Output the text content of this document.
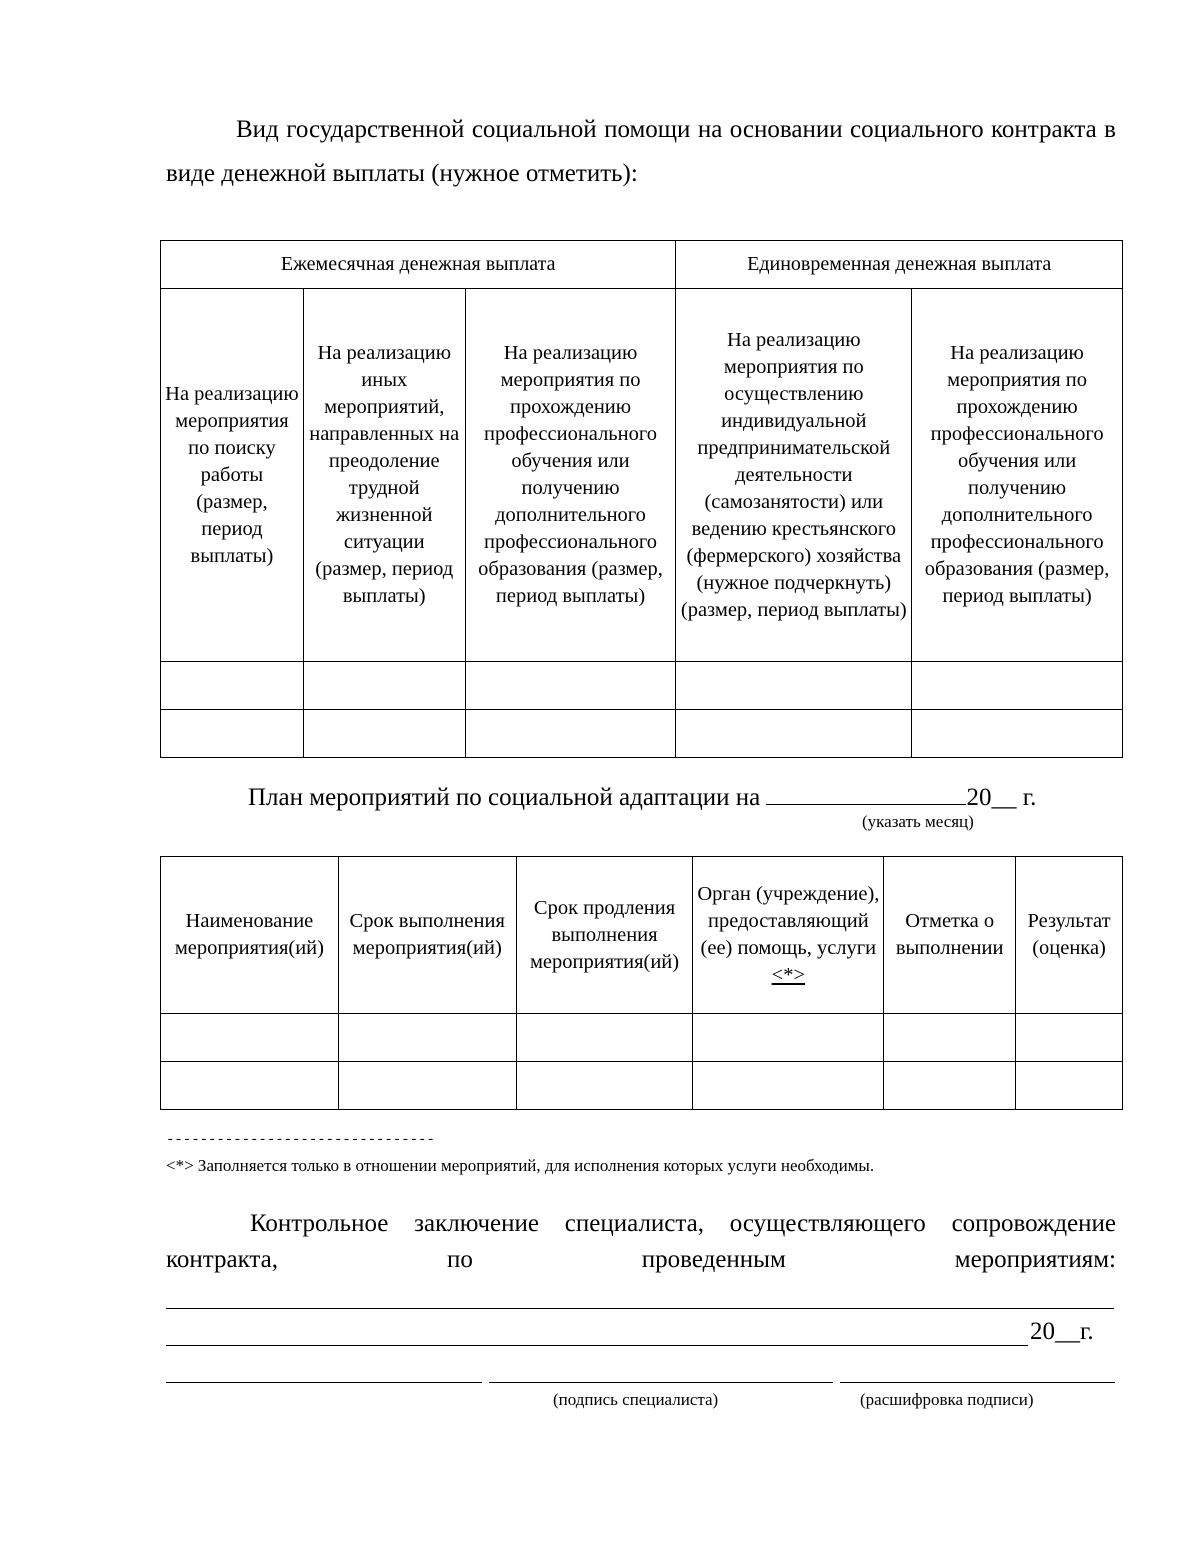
Вид государственной социальной помощи на основании социального контракта в виде денежной выплаты (нужное отметить):
Ежемесячная денежная выплата			Единовременная денежная выплата	
На реализацию мероприятия по поиску работы (размер, период выплаты)	На реализацию иных мероприятий, направленных на преодоление трудной жизненной ситуации (размер, период выплаты)	На реализацию мероприятия по прохождению профессионального обучения или получению дополнительного профессионального образования (размер, период выплаты)	На реализацию мероприятия по осуществлению индивидуальной предпринимательской деятельности (самозанятости) или ведению крестьянского (фермерского) хозяйства (нужное подчеркнуть) (размер, период выплаты)	На реализацию мероприятия по прохождению профессионального обучения или получению дополнительного профессионального образования (размер, период выплаты)

План мероприятий по социальной адаптации на	20__ г.
(указать месяц)
Наименование мероприятия(ий)	Срок выполнения мероприятия(ий)	Срок продления выполнения мероприятия(ий)	Орган (учреждение), предоставляющий (ее) помощь, услуги <*>	Отметка о выполнении	Результат (оценка)

--------------------------------
<*> Заполняется только в отношении мероприятий, для исполнения которых услуги необходимы.
Контрольное заключение специалиста, осуществляющего сопровождение контракта, по проведенным мероприятиям:
20__г.
(подпись специалиста)	(расшифровка подписи)
